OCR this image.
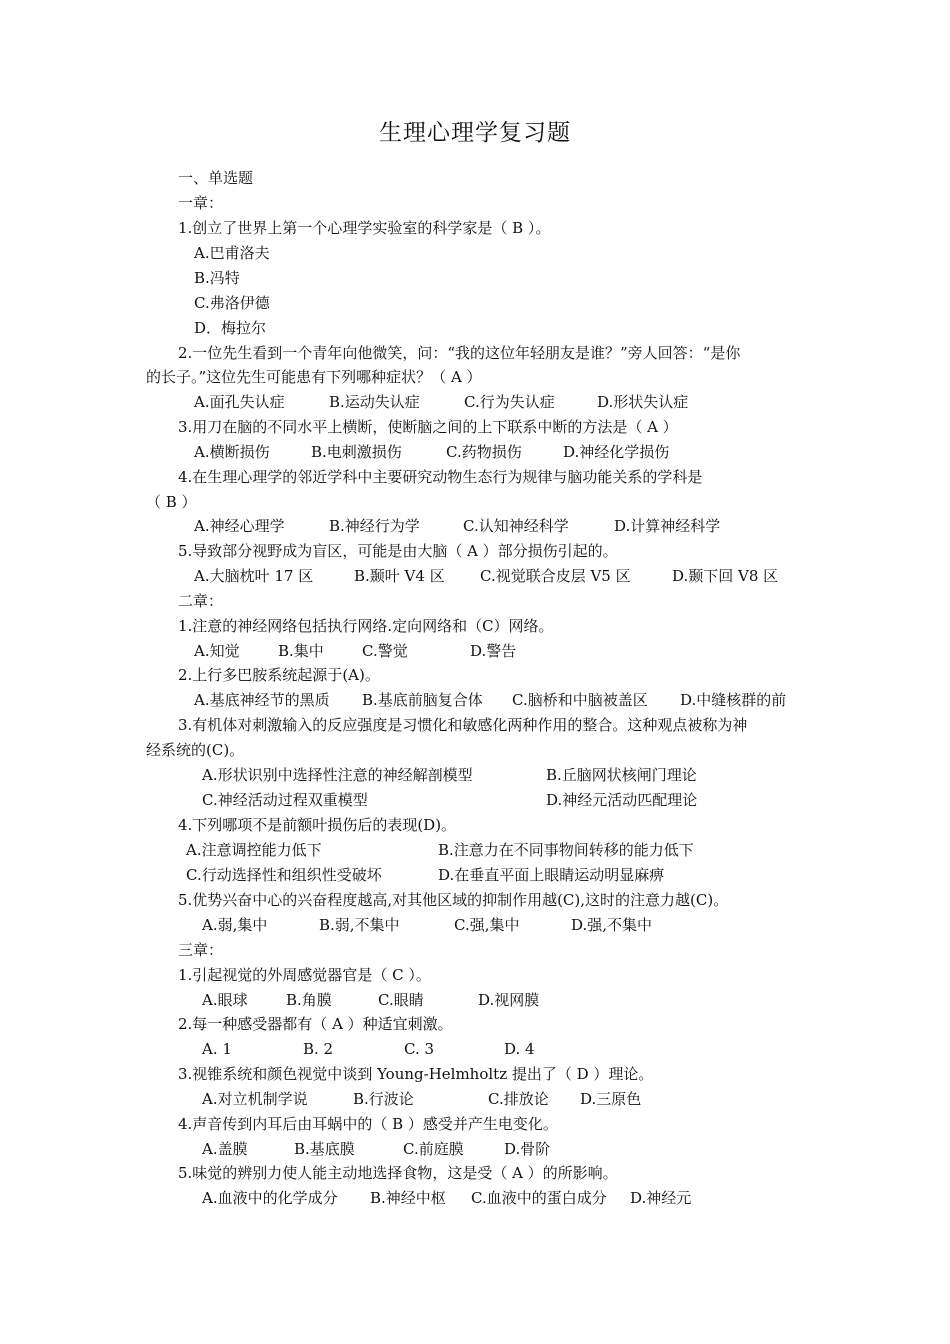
生理心理学复习题
一、单选题
一章：
1.创立了世界上第一个心理学实验室的科学家是（ B ）。
A.巴甫洛夫
B.冯特
C.弗洛伊德
D．梅拉尔
2.一位先生看到一个青年向他微笑，问：“我的这位年轻朋友是谁？”旁人回答：“是你
的长子。”这位先生可能患有下列哪种症状？（ A ）
A.面孔失认症	B.运动失认症	C.行为失认症	D.形状失认症
3.用刀在脑的不同水平上横断，使断脑之间的上下联系中断的方法是（ A ）
A.横断损伤	B.电刺激损伤	C.药物损伤	D.神经化学损伤
4.在生理心理学的邻近学科中主要研究动物生态行为规律与脑功能关系的学科是
（ B ）
A.神经心理学	B.神经行为学	C.认知神经科学	D.计算神经科学
5.导致部分视野成为盲区，可能是由大脑（ A ）部分损伤引起的。
A.大脑枕叶 17 区	B.颞叶 V4 区 C.视觉联合皮层 V5 区	D.颞下回 V8 区
二章：
1.注意的神经网络包括执行网络.定向网络和（C）网络。
A.知觉	B.集中	C.警觉	D.警告
2.上行多巴胺系统起源于(A)。
A.基底神经节的黑质 B.基底前脑复合体 C.脑桥和中脑被盖区 D.中缝核群的前
3.有机体对刺激输入的反应强度是习惯化和敏感化两种作用的整合。这种观点被称为神
经系统的(C)。
A.形状识别中选择性注意的神经解剖模型	B.丘脑网状核闸门理论
C.神经活动过程双重模型	D.神经元活动匹配理论
4.下列哪项不是前额叶损伤后的表现(D)。
A.注意调控能力低下	B.注意力在不同事物间转移的能力低下
C.行动选择性和组织性受破坏	D.在垂直平面上眼睛运动明显麻痹
5.优势兴奋中心的兴奋程度越高,对其他区域的抑制作用越(C),这时的注意力越(C)。
A.弱,集中	B.弱,不集中	C.强,集中	D.强,不集中
三章：
1.引起视觉的外周感觉器官是（ C ）。
A.眼球	B.角膜	C.眼睛	D.视网膜
2.每一种感受器都有（ A ）种适宜刺激。
A. 1	B. 2	C. 3	D. 4
3.视锥系统和颜色视觉中谈到 Young-Helmholtz 提出了（ D ）理论。
A.对立机制学说	B.行波论	C.排放论 D.三原色
4.声音传到内耳后由耳蜗中的（ B ）感受并产生电变化。
A.盖膜	B.基底膜	C.前庭膜	D.骨阶
5.味觉的辨别力使人能主动地选择食物，这是受（ A ）的所影响。
A.血液中的化学成分 B.神经中枢 C.血液中的蛋白成分 D.神经元
